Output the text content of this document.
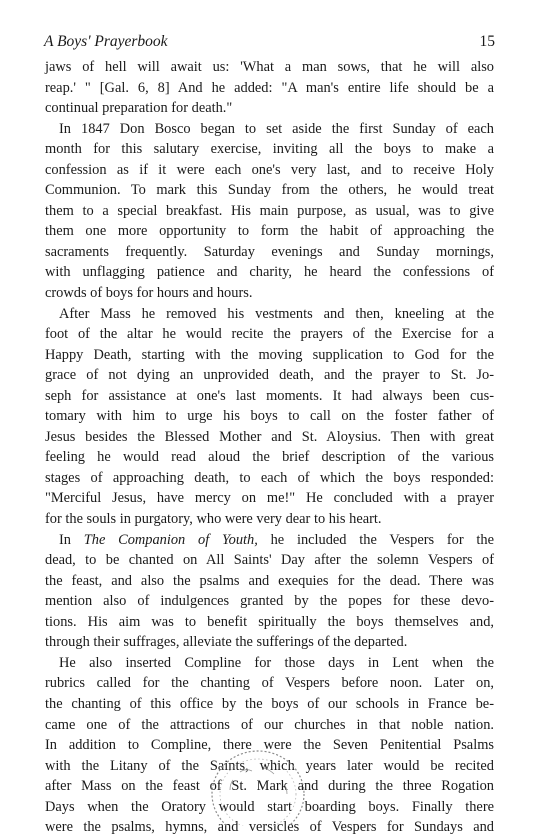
A Boys' Prayerbook	15
jaws of hell will await us: 'What a man sows, that he will also
reap.' " [Gal. 6, 8] And he added: "A man's entire life should be a
continual preparation for death."
In 1847 Don Bosco began to set aside the first Sunday of each
month for this salutary exercise, inviting all the boys to make a
confession as if it were each one's very last, and to receive Holy
Communion. To mark this Sunday from the others, he would treat
them to a special breakfast. His main purpose, as usual, was to give
them one more opportunity to form the habit of approaching the
sacraments frequently. Saturday evenings and Sunday mornings,
with unflagging patience and charity, he heard the confessions of
crowds of boys for hours and hours.
After Mass he removed his vestments and then, kneeling at the
foot of the altar he would recite the prayers of the Exercise for a
Happy Death, starting with the moving supplication to God for the
grace of not dying an unprovided death, and the prayer to St. Jo-
seph for assistance at one's last moments. It had always been cus-
tomary with him to urge his boys to call on the foster father of
Jesus besides the Blessed Mother and St. Aloysius. Then with great
feeling he would read aloud the brief description of the various
stages of approaching death, to each of which the boys responded:
"Merciful Jesus, have mercy on me!" He concluded with a prayer
for the souls in purgatory, who were very dear to his heart.
In The Companion of Youth, he included the Vespers for the
dead, to be chanted on All Saints' Day after the solemn Vespers of
the feast, and also the psalms and exequies for the dead. There was
mention also of indulgences granted by the popes for these devo-
tions. His aim was to benefit spiritually the boys themselves and,
through their suffrages, alleviate the sufferings of the departed.
He also inserted Compline for those days in Lent when the
rubrics called for the chanting of Vespers before noon. Later on,
the chanting of this office by the boys of our schools in France be-
came one of the attractions of our churches in that noble nation.
In addition to Compline, there were the Seven Penitential Psalms
with the Litany of the Saints, which years later would be recited
after Mass on the feast of St. Mark and during the three Rogation
Days when the Oratory would start boarding boys. Finally there
were the psalms, hymns, and versicles of Vespers for Sundays and
